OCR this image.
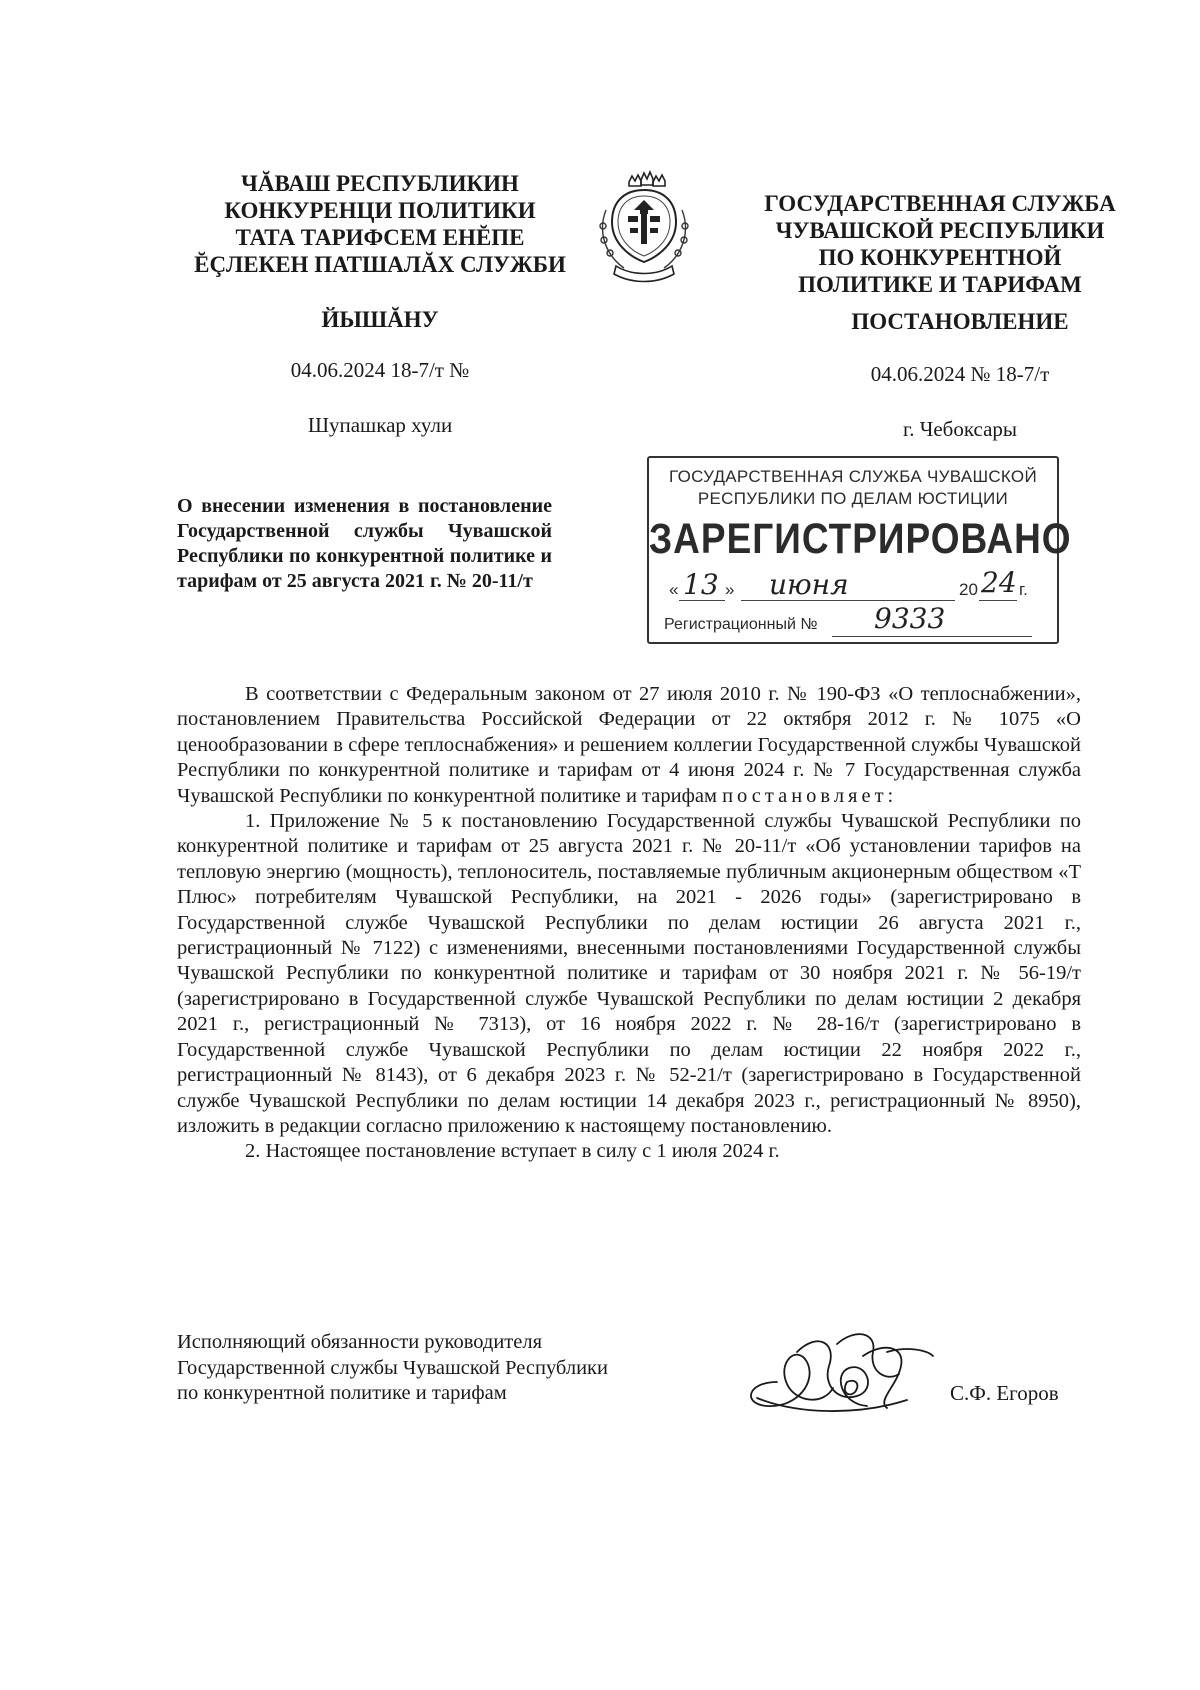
ЧĂВАШ РЕСПУБЛИКИН
КОНКУРЕНЦИ ПОЛИТИКИ
ТАТА ТАРИФСЕМ ЕНĔПЕ
ĔÇЛЕКЕН ПАТШАЛĂХ СЛУЖБИ
ГОСУДАРСТВЕННАЯ СЛУЖБА
ЧУВАШСКОЙ РЕСПУБЛИКИ
ПО КОНКУРЕНТНОЙ
ПОЛИТИКЕ И ТАРИФАМ
ЙЫШĂНУ	ПОСТАНОВЛЕНИЕ
04.06.2024 18-7/т №	04.06.2024 № 18-7/т
Шупашкар хули	г. Чебоксары
О внесении изменения в постановление Государственной службы Чувашской Республики по конкурентной политике и тарифам от 25 августа 2021 г. № 20-11/т
ГОСУДАРСТВЕННАЯ СЛУЖБА ЧУВАШСКОЙ
РЕСПУБЛИКИ ПО ДЕЛАМ ЮСТИЦИИ
ЗАРЕГИСТРИРОВАНО
« 13 » июня	20 24 г.
Регистрационный № 9333

В соответствии с Федеральным законом от 27 июля 2010 г. № 190-ФЗ «О теплоснабжении», постановлением Правительства Российской Федерации от 22 октября 2012 г. № 1075 «О ценообразовании в сфере теплоснабжения» и решением коллегии Государственной службы Чувашской Республики по конкурентной политике и тарифам от 4 июня 2024 г. № 7 Государственная служба Чувашской Республики по конкурентной политике и тарифам постановляет:

1. Приложение № 5 к постановлению Государственной службы Чувашской Республики по конкурентной политике и тарифам от 25 августа 2021 г. № 20-11/т «Об установлении тарифов на тепловую энергию (мощность), теплоноситель, поставляемые публичным акционерным обществом «Т Плюс» потребителям Чувашской Республики, на 2021 - 2026 годы» (зарегистрировано в Государственной службе Чувашской Республики по делам юстиции 26 августа 2021 г., регистрационный № 7122) с изменениями, внесенными постановлениями Государственной службы Чувашской Республики по конкурентной политике и тарифам от 30 ноября 2021 г. № 56-19/т (зарегистрировано в Государственной службе Чувашской Республики по делам юстиции 2 декабря 2021 г., регистрационный № 7313), от 16 ноября 2022 г. № 28-16/т (зарегистрировано в Государственной службе Чувашской Республики по делам юстиции 22 ноября 2022 г., регистрационный № 8143), от 6 декабря 2023 г. № 52-21/т (зарегистрировано в Государственной службе Чувашской Республики по делам юстиции 14 декабря 2023 г., регистрационный № 8950), изложить в редакции согласно приложению к настоящему постановлению.

2. Настоящее постановление вступает в силу с 1 июля 2024 г.

Исполняющий обязанности руководителя
Государственной службы Чувашской Республики
по конкурентной политике и тарифам	С.Ф. Егоров
